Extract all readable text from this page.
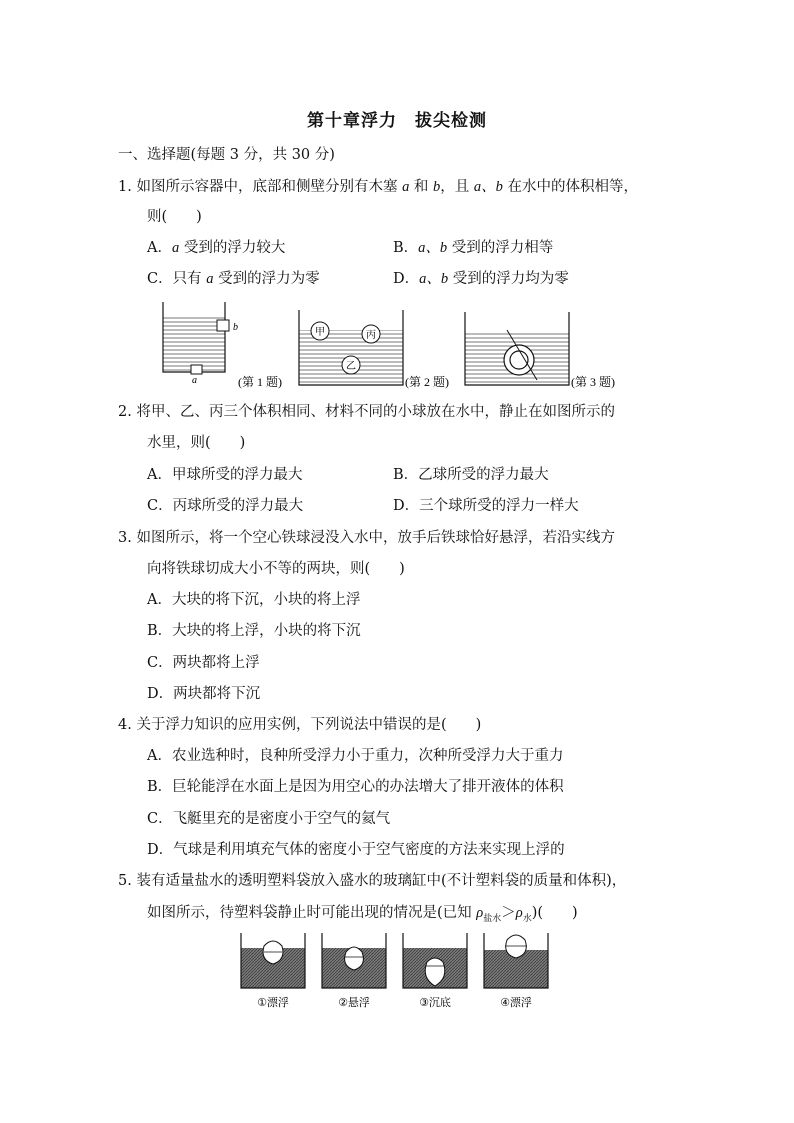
第十章浮力　拔尖检测
一、选择题(每题 3 分，共 30 分)
1. 如图所示容器中，底部和侧壁分别有木塞 a 和 b，且 a、b 在水中的体积相等，
则(　　)
A．a 受到的浮力较大	B．a、b 受到的浮力相等
C．只有 a 受到的浮力为零	D．a、b 受到的浮力均为零
b
a	(第 1 题)
甲	丙
乙
(第 2 题)	(第 3 题)
2. 将甲、乙、丙三个体积相同、材料不同的小球放在水中，静止在如图所示的
水里，则(　　)
A．甲球所受的浮力最大	B．乙球所受的浮力最大
C．丙球所受的浮力最大	D．三个球所受的浮力一样大
3. 如图所示，将一个空心铁球浸没入水中，放手后铁球恰好悬浮，若沿实线方
向将铁球切成大小不等的两块，则(　　)
A．大块的将下沉，小块的将上浮
B．大块的将上浮，小块的将下沉
C．两块都将上浮
D．两块都将下沉
4. 关于浮力知识的应用实例，下列说法中错误的是(　　)
A．农业选种时，良种所受浮力小于重力，次种所受浮力大于重力
B．巨轮能浮在水面上是因为用空心的办法增大了排开液体的体积
C．飞艇里充的是密度小于空气的氦气
D．气球是利用填充气体的密度小于空气密度的方法来实现上浮的
5. 装有适量盐水的透明塑料袋放入盛水的玻璃缸中(不计塑料袋的质量和体积)，
如图所示，待塑料袋静止时可能出现的情况是(已知 $\rho_{盐水}>\rho_水$)(　　)
①漂浮	②悬浮	③沉底	④漂浮
